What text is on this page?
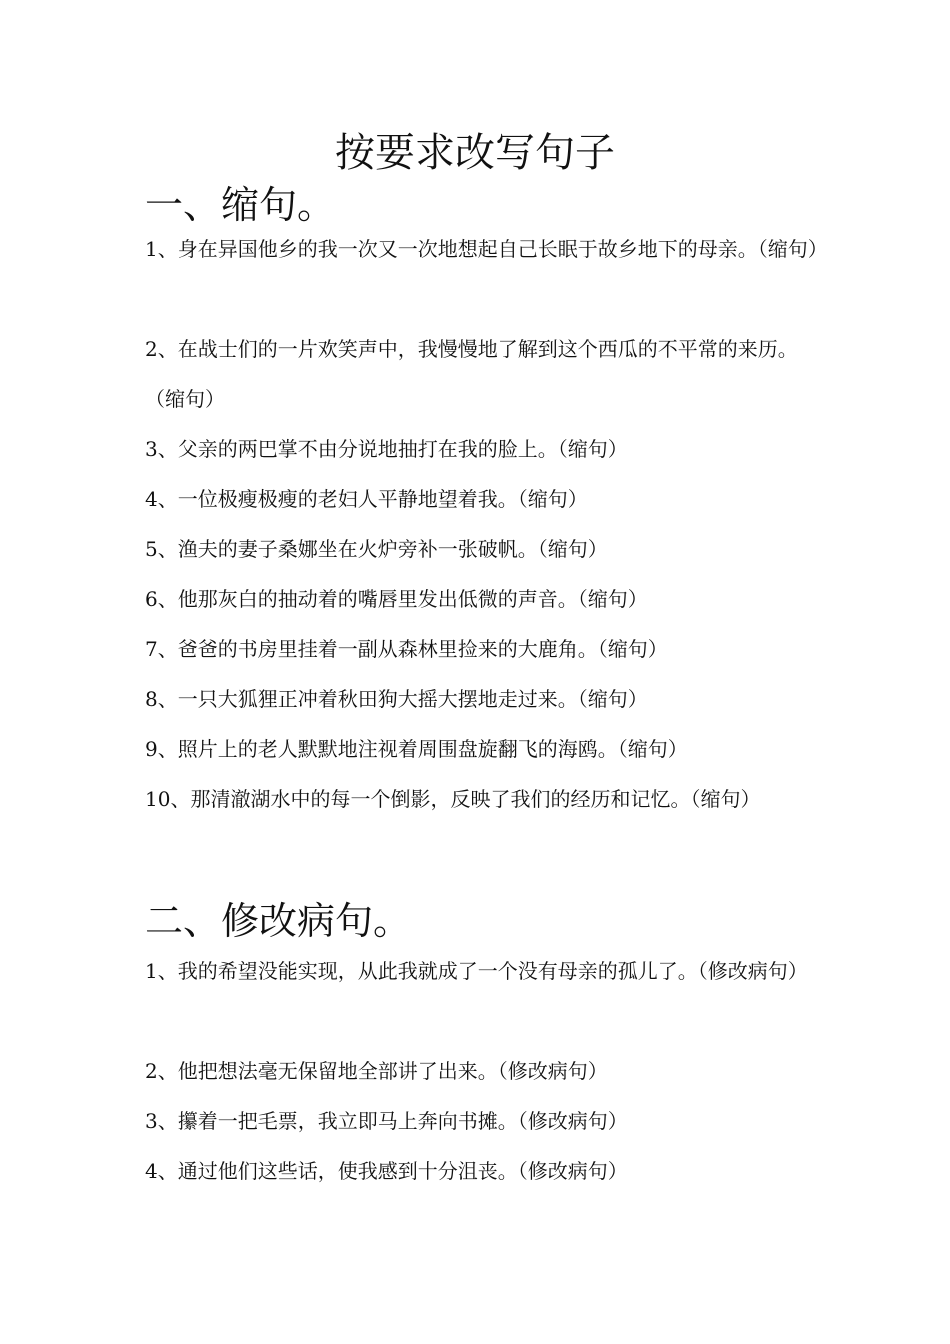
按要求改写句子
一、缩句。

1、身在异国他乡的我一次又一次地想起自己长眠于故乡地下的母亲。（缩句）

2、在战士们的一片欢笑声中，我慢慢地了解到这个西瓜的不平常的来历。（缩句）

3、父亲的两巴掌不由分说地抽打在我的脸上。（缩句）

4、一位极瘦极瘦的老妇人平静地望着我。（缩句）

5、渔夫的妻子桑娜坐在火炉旁补一张破帆。（缩句）

6、他那灰白的抽动着的嘴唇里发出低微的声音。（缩句）

7、爸爸的书房里挂着一副从森林里捡来的大鹿角。（缩句）

8、一只大狐狸正冲着秋田狗大摇大摆地走过来。（缩句）

9、照片上的老人默默地注视着周围盘旋翻飞的海鸥。（缩句）

10、那清澈湖水中的每一个倒影，反映了我们的经历和记忆。（缩句）

二、修改病句。

1、我的希望没能实现，从此我就成了一个没有母亲的孤儿了。（修改病句）

2、他把想法毫无保留地全部讲了出来。（修改病句）

3、攥着一把毛票，我立即马上奔向书摊。（修改病句）

4、通过他们这些话，使我感到十分沮丧。（修改病句）
